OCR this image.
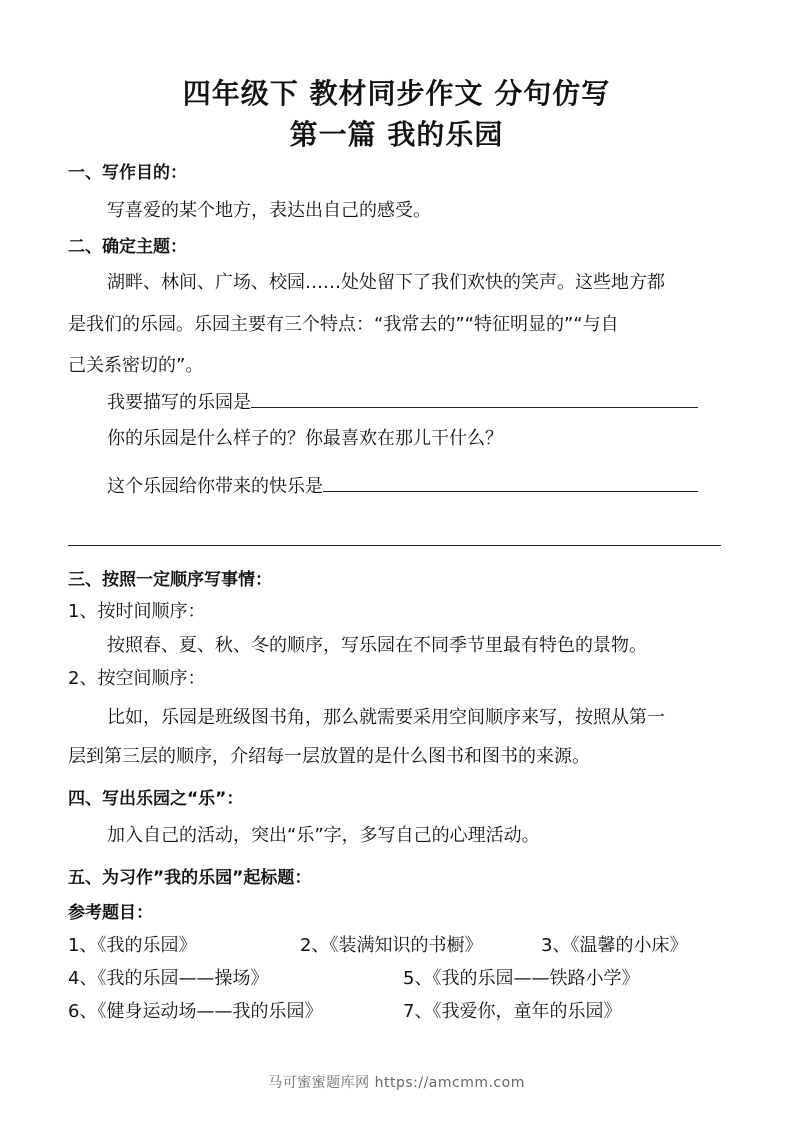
四年级下 教材同步作文 分句仿写
第一篇 我的乐园
一、写作目的：
写喜爱的某个地方，表达出自己的感受。
二、确定主题：
湖畔、林间、广场、校园……处处留下了我们欢快的笑声。这些地方都
是我们的乐园。乐园主要有三个特点：“我常去的”“特征明显的”“与自
己关系密切的”。
我要描写的乐园是
你的乐园是什么样子的？你最喜欢在那儿干什么？
这个乐园给你带来的快乐是
三、按照一定顺序写事情：
1、按时间顺序：
按照春、夏、秋、冬的顺序，写乐园在不同季节里最有特色的景物。
2、按空间顺序：
比如，乐园是班级图书角，那么就需要采用空间顺序来写，按照从第一
层到第三层的顺序，介绍每一层放置的是什么图书和图书的来源。
四、写出乐园之“乐”：
加入自己的活动，突出“乐”字，多写自己的心理活动。
五、为习作”我的乐园”起标题：
参考题目：
1、《我的乐园》	2、《装满知识的书橱》	3、《温馨的小床》
4、《我的乐园——操场》	5、《我的乐园——铁路小学》
6、《健身运动场——我的乐园》	7、《我爱你，童年的乐园》
马可蜜蜜题库网 https://amcmm.com
